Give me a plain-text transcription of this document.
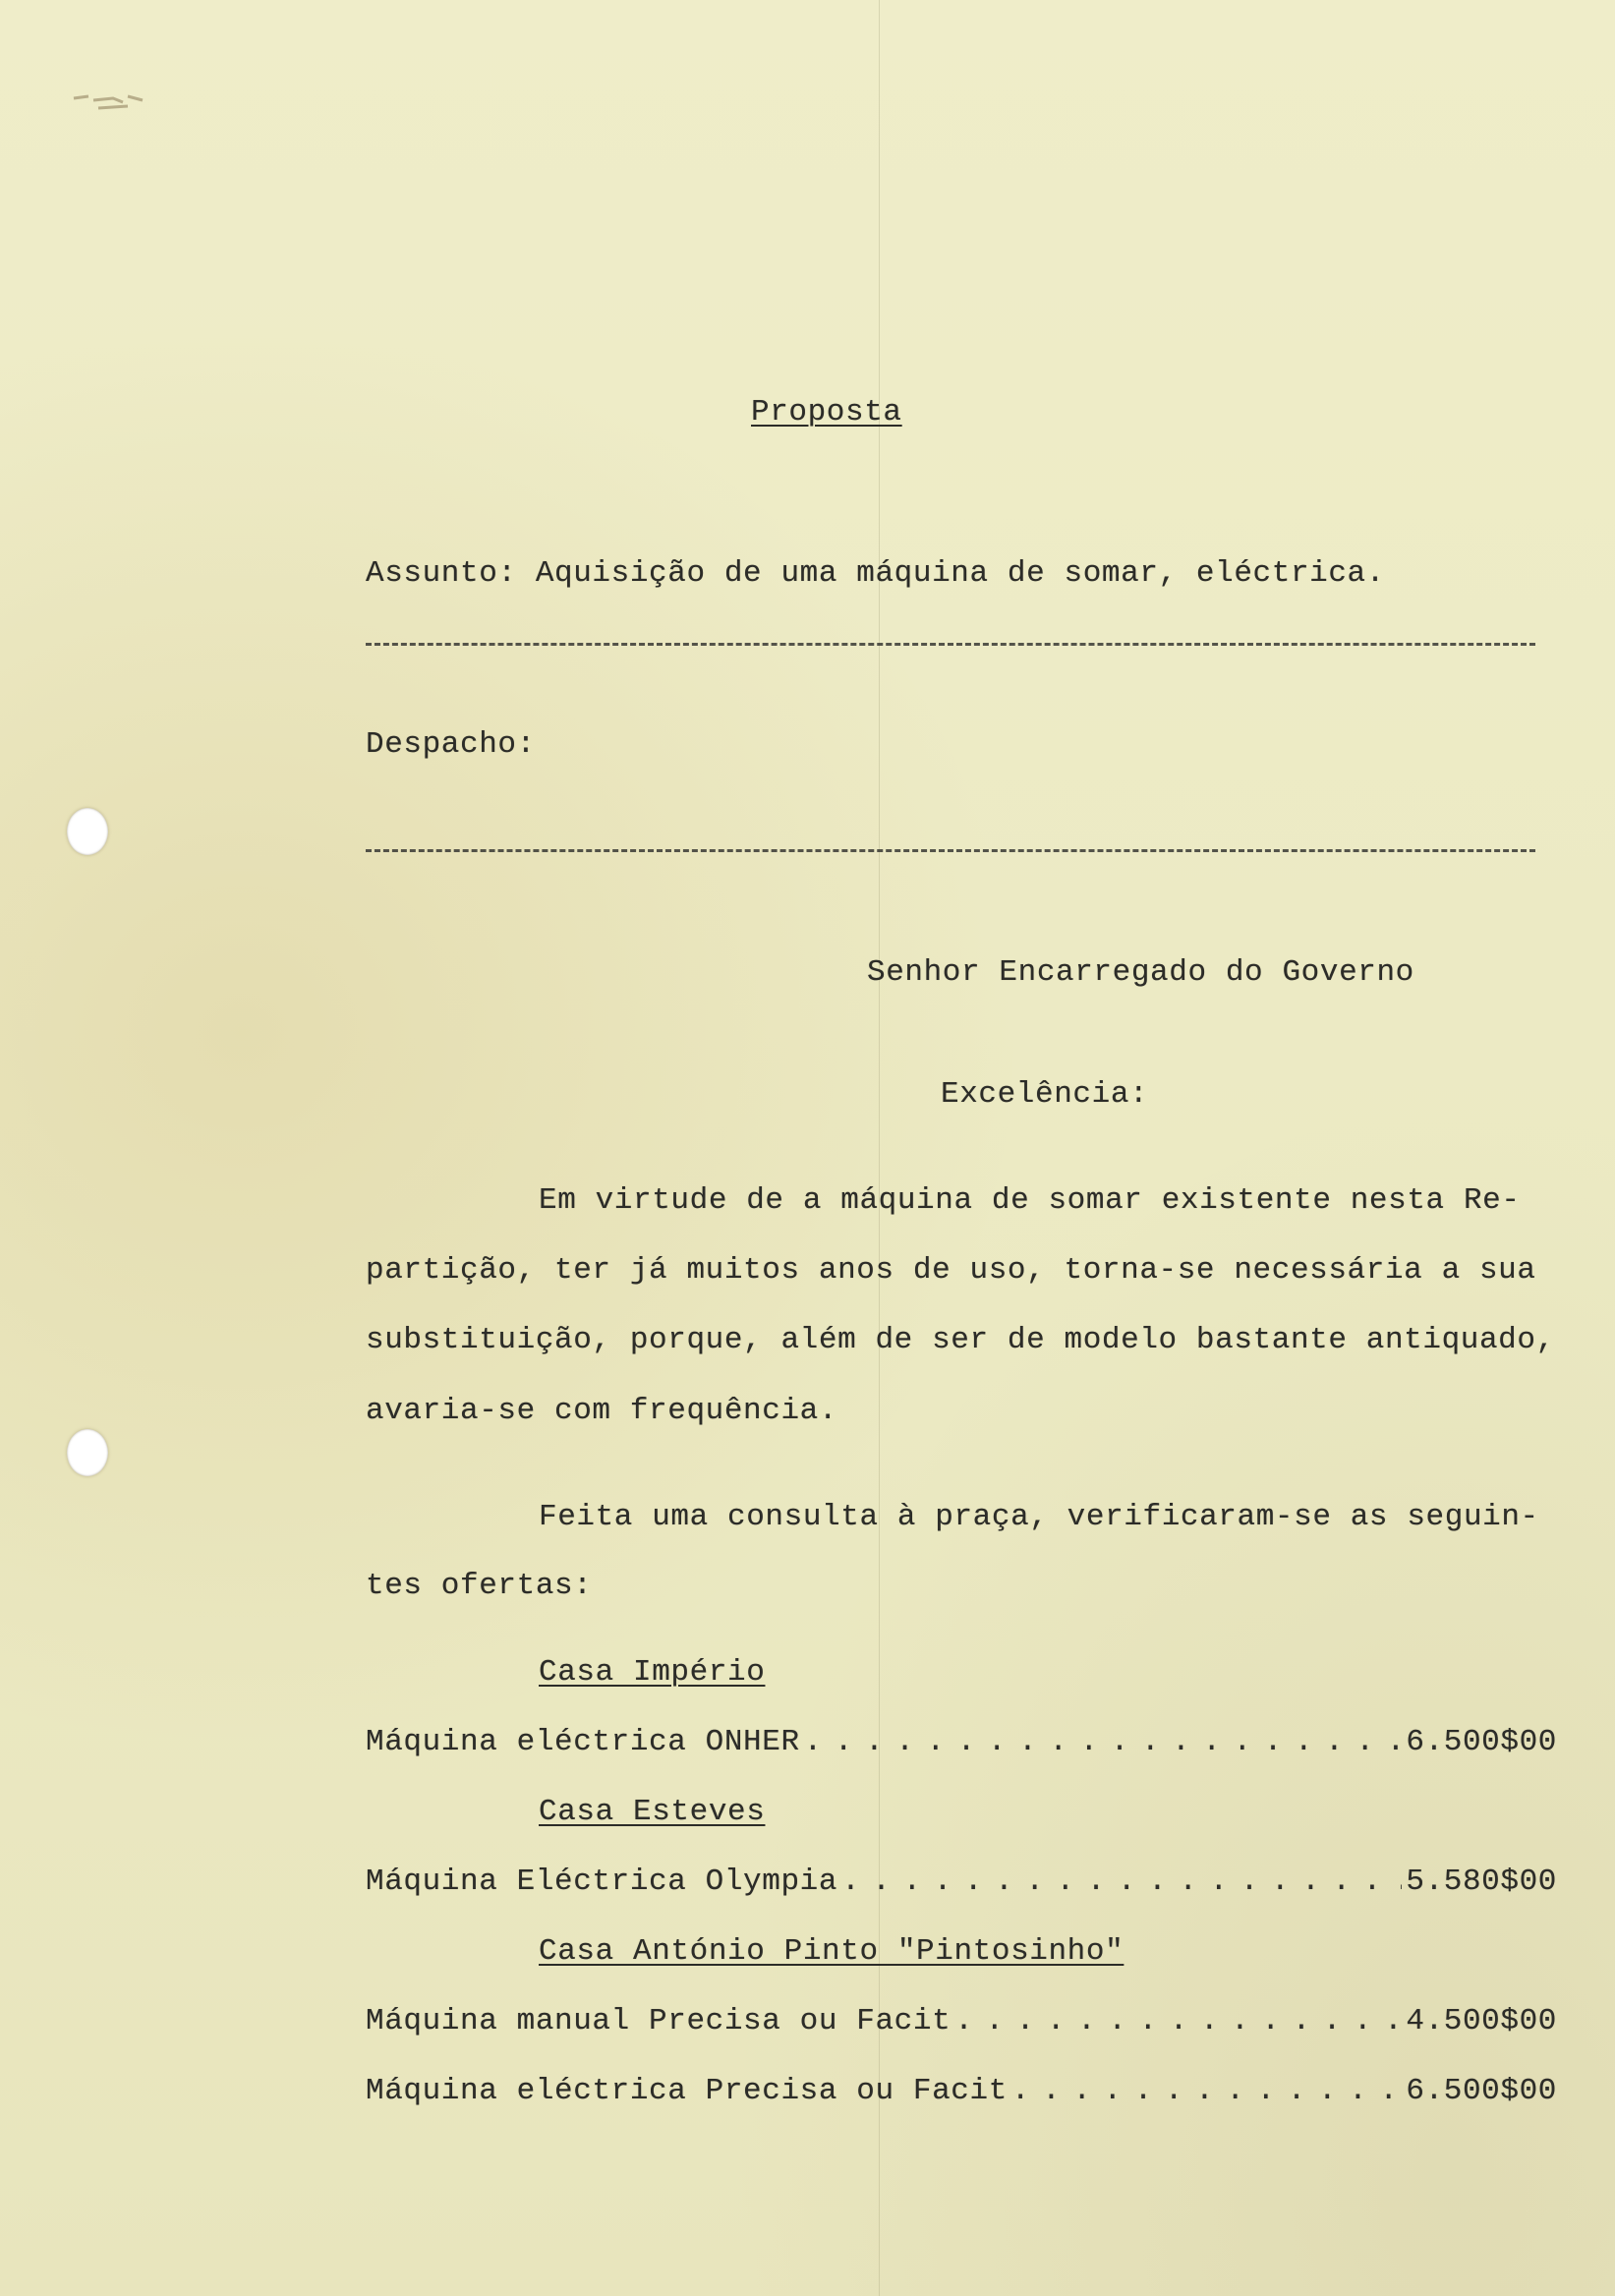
Proposta
Assunto: Aquisição de uma máquina de somar, eléctrica.
Despacho:
Senhor Encarregado do Governo
Excelência:
Em virtude de a máquina de somar existente nesta Re-
partição, ter já muitos anos de uso, torna-se necessária a sua
substituição, porque, além de ser de modelo bastante antiquado,
avaria-se com frequência.
Feita uma consulta à praça, verificaram-se as seguin-
tes ofertas:
Casa Império
Máquina eléctrica ONHER . . .	6.500$00
Casa Esteves
Máquina Eléctrica Olympia . . .	5.580$00
Casa António Pinto "Pintosinho"
Máquina manual Precisa ou Facit . . .	4.500$00
Máquina eléctrica Precisa ou Facit . . .	6.500$00
